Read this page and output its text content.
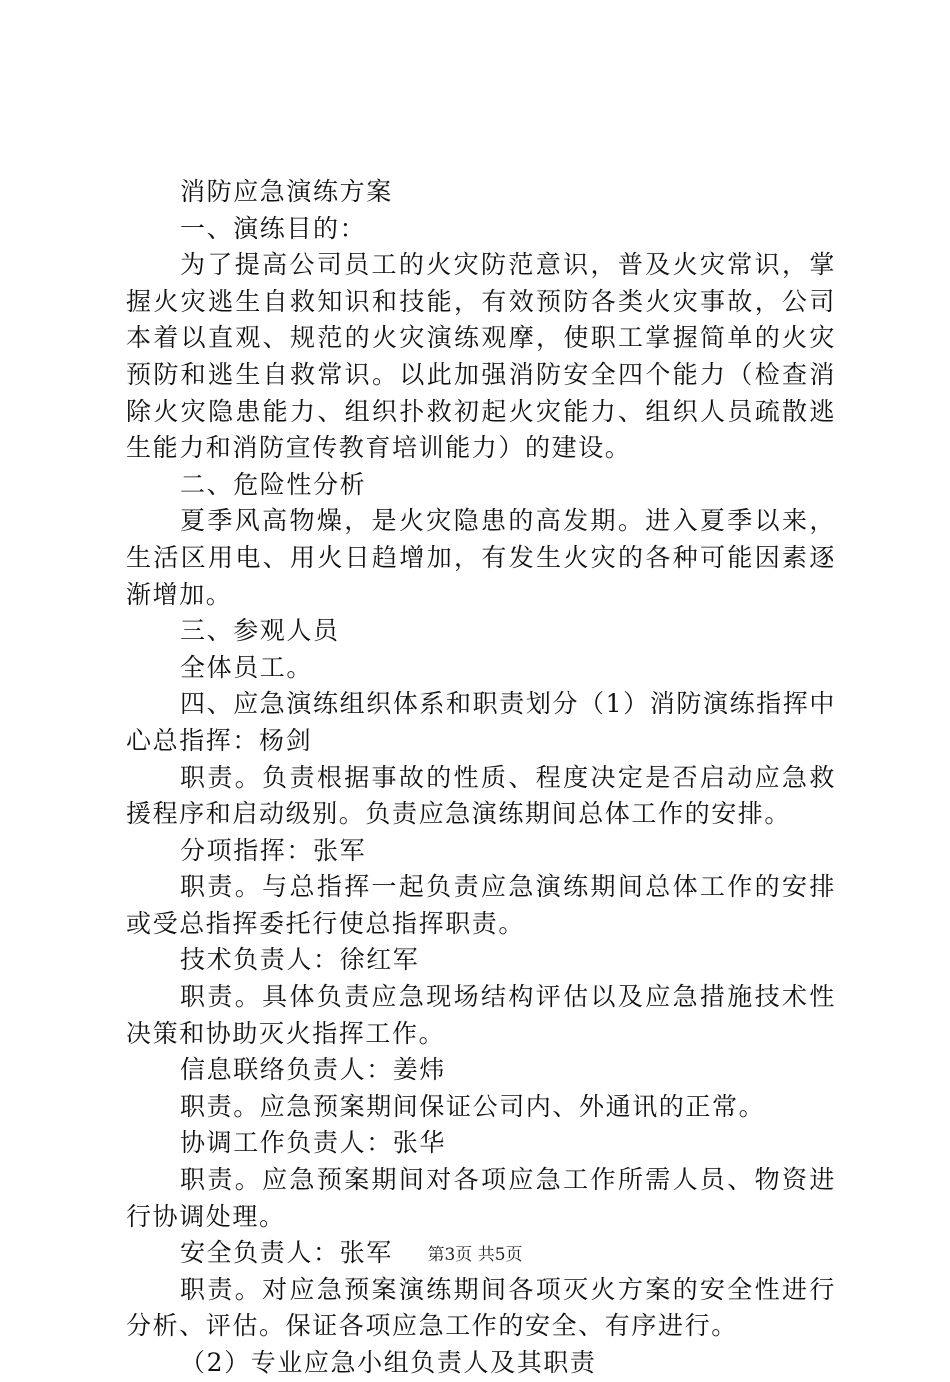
消防应急演练方案

一、演练目的：

为了提高公司员工的火灾防范意识，普及火灾常识，掌握火灾逃生自救知识和技能，有效预防各类火灾事故，公司本着以直观、规范的火灾演练观摩，使职工掌握简单的火灾预防和逃生自救常识。以此加强消防安全四个能力（检查消除火灾隐患能力、组织扑救初起火灾能力、组织人员疏散逃生能力和消防宣传教育培训能力）的建设。

二、危险性分析

夏季风高物燥，是火灾隐患的高发期。进入夏季以来，生活区用电、用火日趋增加，有发生火灾的各种可能因素逐渐增加。

三、参观人员

全体员工。

四、应急演练组织体系和职责划分（1）消防演练指挥中心总指挥：杨剑

职责。负责根据事故的性质、程度决定是否启动应急救援程序和启动级别。负责应急演练期间总体工作的安排。

分项指挥：张军

职责。与总指挥一起负责应急演练期间总体工作的安排或受总指挥委托行使总指挥职责。

技术负责人：徐红军

职责。具体负责应急现场结构评估以及应急措施技术性决策和协助灭火指挥工作。

信息联络负责人：姜炜

职责。应急预案期间保证公司内、外通讯的正常。

协调工作负责人：张华

职责。应急预案期间对各项应急工作所需人员、物资进行协调处理。

安全负责人：张军

职责。对应急预案演练期间各项灭火方案的安全性进行分析、评估。保证各项应急工作的安全、有序进行。

（2）专业应急小组负责人及其职责

第3页 共5页
